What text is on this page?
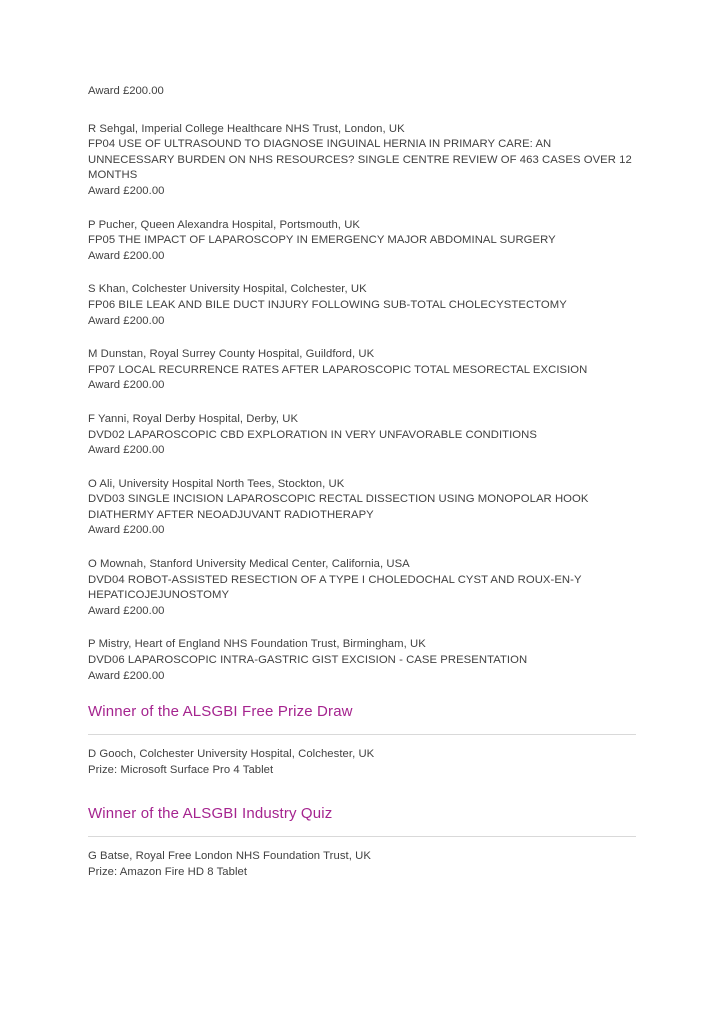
Award £200.00
R Sehgal, Imperial College Healthcare NHS Trust, London, UK
FP04 USE OF ULTRASOUND TO DIAGNOSE INGUINAL HERNIA IN PRIMARY CARE: AN UNNECESSARY BURDEN ON NHS RESOURCES? SINGLE CENTRE REVIEW OF 463 CASES OVER 12 MONTHS
Award £200.00
P Pucher, Queen Alexandra Hospital, Portsmouth, UK
FP05 THE IMPACT OF LAPAROSCOPY IN EMERGENCY MAJOR ABDOMINAL SURGERY
Award £200.00
S Khan, Colchester University Hospital, Colchester, UK
FP06 BILE LEAK AND BILE DUCT INJURY FOLLOWING SUB-TOTAL CHOLECYSTECTOMY
Award £200.00
M Dunstan, Royal Surrey County Hospital, Guildford, UK
FP07 LOCAL RECURRENCE RATES AFTER LAPAROSCOPIC TOTAL MESORECTAL EXCISION
Award £200.00
F Yanni, Royal Derby Hospital, Derby, UK
DVD02 LAPAROSCOPIC CBD EXPLORATION IN VERY UNFAVORABLE CONDITIONS
Award £200.00
O Ali, University Hospital North Tees, Stockton, UK
DVD03 SINGLE INCISION LAPAROSCOPIC RECTAL DISSECTION USING MONOPOLAR HOOK DIATHERMY AFTER NEOADJUVANT RADIOTHERAPY
Award £200.00
O Mownah, Stanford University Medical Center, California, USA
DVD04 ROBOT-ASSISTED RESECTION OF A TYPE I CHOLEDOCHAL CYST AND ROUX-EN-Y HEPATICOJEJUNOSTOMY
Award £200.00
P Mistry, Heart of England NHS Foundation Trust, Birmingham, UK
DVD06 LAPAROSCOPIC INTRA-GASTRIC GIST EXCISION - CASE PRESENTATION
Award £200.00
Winner of the ALSGBI Free Prize Draw
D Gooch, Colchester University Hospital, Colchester, UK
Prize: Microsoft Surface Pro 4 Tablet
Winner of the ALSGBI Industry Quiz
G Batse, Royal Free London NHS Foundation Trust, UK
Prize: Amazon Fire HD 8 Tablet
